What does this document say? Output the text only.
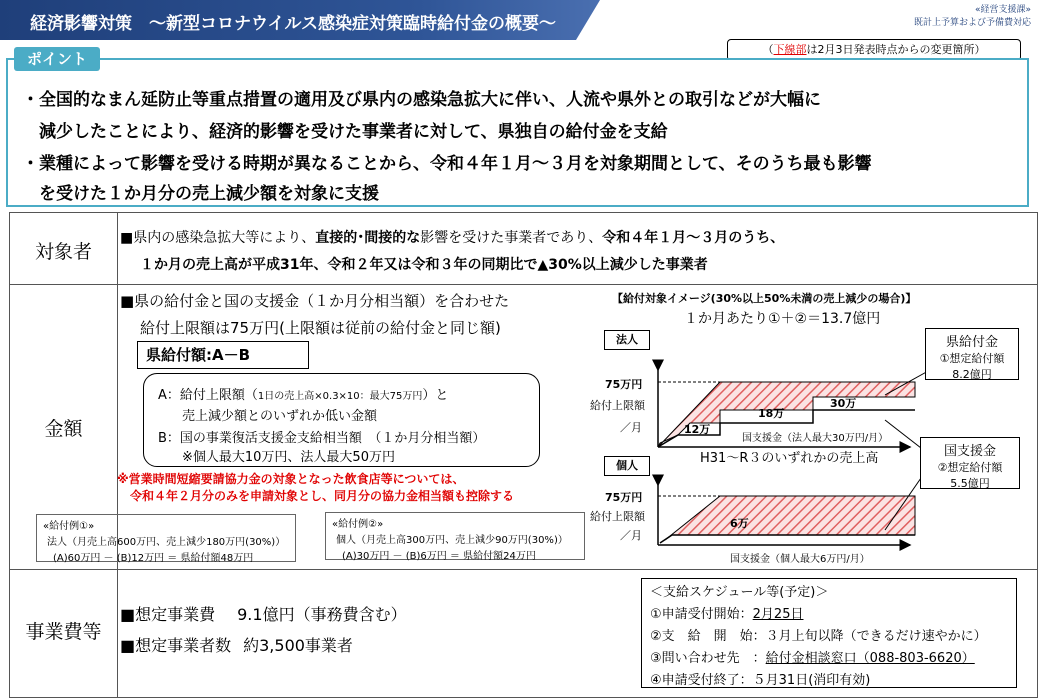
経済影響対策　～新型コロナウイルス感染症対策臨時給付金の概要～
«経営支援課»
既計上予算および予備費対応
（下線部は2月3日発表時点からの変更箇所）
ポイント
・全国的なまん延防止等重点措置の適用及び県内の感染急拡大に伴い、人流や県外との取引などが大幅に
　減少したことにより、経済的影響を受けた事業者に対して、県独自の給付金を支給
・業種によって影響を受ける時期が異なることから、令和４年１月～３月を対象期間として、そのうち最も影響
　を受けた１か月分の売上減少額を対象に支援
対象者
■県内の感染急拡大等により、直接的･間接的な影響を受けた事業者であり、令和４年１月～３月のうち、
１か月の売上高が平成31年、令和２年又は令和３年の同期比で▲30%以上減少した事業者
金額
■県の給付金と国の支援金（１か月分相当額）を合わせた
給付上限額は75万円(上限額は従前の給付金と同じ額)
県給付額:A－B
A：給付上限額（1日の売上高×0.3×10：最大75万円）と
売上減少額とのいずれか低い金額
B：国の事業復活支援金支給相当額　（１か月分相当額）
※個人最大10万円、法人最大50万円
※営業時間短縮要請協力金の対象となった飲食店等については、
令和４年２月分のみを申請対象とし、同月分の協力金相当額も控除する
«給付例①»
法人（月売上高600万円、売上減少180万円(30%)）
(A)60万円 － (B)12万円 ＝ 県給付額48万円
«給付例②»
個人（月売上高300万円、売上減少90万円(30%)）
(A)30万円 － (B)6万円 ＝ 県給付額24万円
【給付対象イメージ(30%以上50%未満の売上減少の場合)】
１か月あたり①＋②＝13.7億円
法人
個人
75万円
給付上限額
／月
75万円
給付上限額
／月
12万
18万
30万
国支援金（法人最大30万円/月）
H31～R３のいずれかの売上高
6万
国支援金（個人最大6万円/月）
県給付金
①想定給付額
8.2億円
国支援金
②想定給付額
5.5億円
事業費等
■想定事業費 9.1億円（事務費含む）
■想定事業者数 約3,500事業者
＜支給スケジュール等(予定)＞
①申請受付開始：2月25日
②支　給　開　始：３月上旬以降（できるだけ速やかに）
③問い合わせ先　：給付金相談窓口（088-803-6620）
④申請受付終了：５月31日(消印有効)
